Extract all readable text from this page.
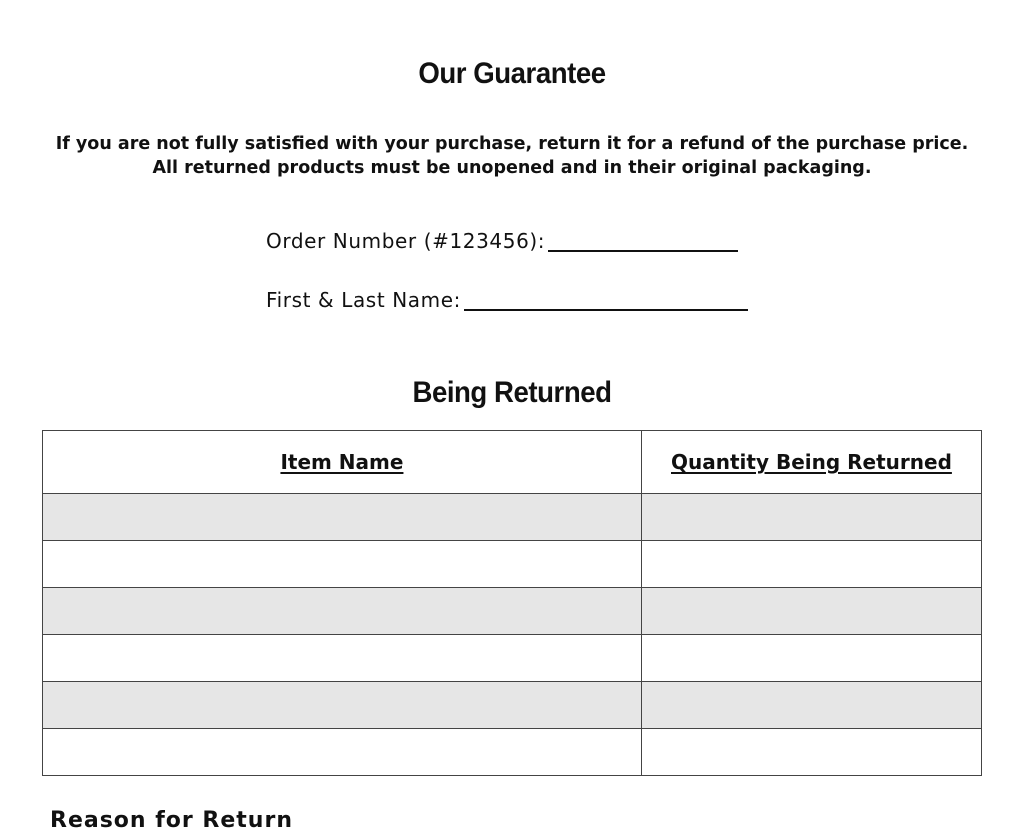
Our Guarantee

If you are not fully satisfied with your purchase, return it for a refund of the purchase price.
All returned products must be unopened and in their original packaging.

Order Number (#123456):

First & Last Name:

Being Returned
Item Name	Quantity Being Returned

Reason for Return
